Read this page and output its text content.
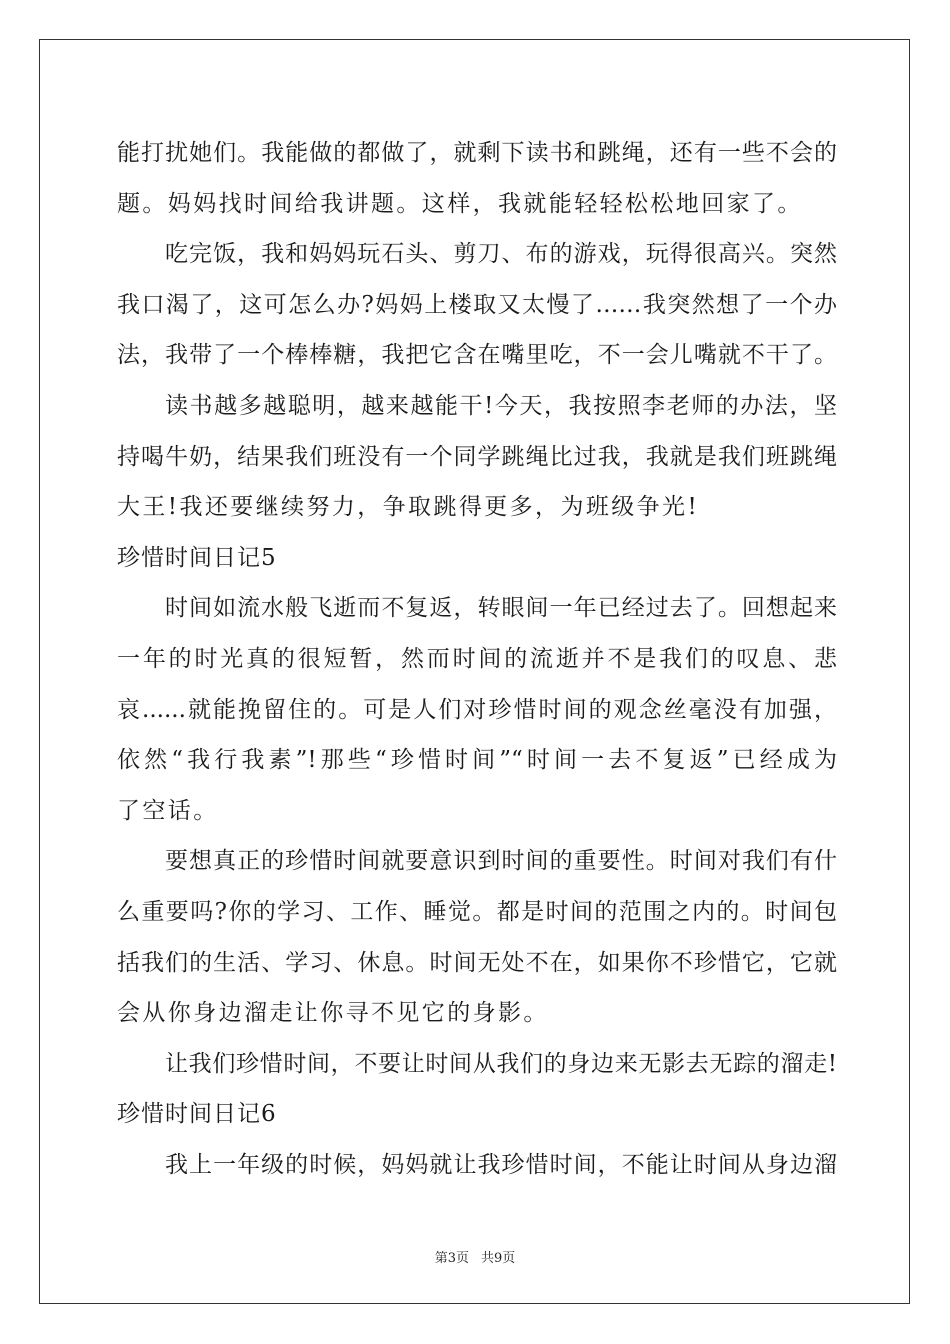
能打扰她们。我能做的都做了，就剩下读书和跳绳，还有一些不会的
题。妈妈找时间给我讲题。这样，我就能轻轻松松地回家了。
吃完饭，我和妈妈玩石头、剪刀、布的游戏，玩得很高兴。突然
我口渴了，这可怎么办?妈妈上楼取又太慢了……我突然想了一个办
法，我带了一个棒棒糖，我把它含在嘴里吃，不一会儿嘴就不干了。
读书越多越聪明，越来越能干!今天，我按照李老师的办法，坚
持喝牛奶，结果我们班没有一个同学跳绳比过我，我就是我们班跳绳
大王!我还要继续努力，争取跳得更多，为班级争光!
珍惜时间日记5
时间如流水般飞逝而不复返，转眼间一年已经过去了。回想起来
一年的时光真的很短暂，然而时间的流逝并不是我们的叹息、悲
哀......就能挽留住的。可是人们对珍惜时间的观念丝毫没有加强，
依然“我行我素”!那些“珍惜时间”“时间一去不复返”已经成为
了空话。
要想真正的珍惜时间就要意识到时间的重要性。时间对我们有什
么重要吗?你的学习、工作、睡觉。都是时间的范围之内的。时间包
括我们的生活、学习、休息。时间无处不在，如果你不珍惜它，它就
会从你身边溜走让你寻不见它的身影。
让我们珍惜时间，不要让时间从我们的身边来无影去无踪的溜走!
珍惜时间日记6
我上一年级的时候，妈妈就让我珍惜时间，不能让时间从身边溜
第3页 共9页
